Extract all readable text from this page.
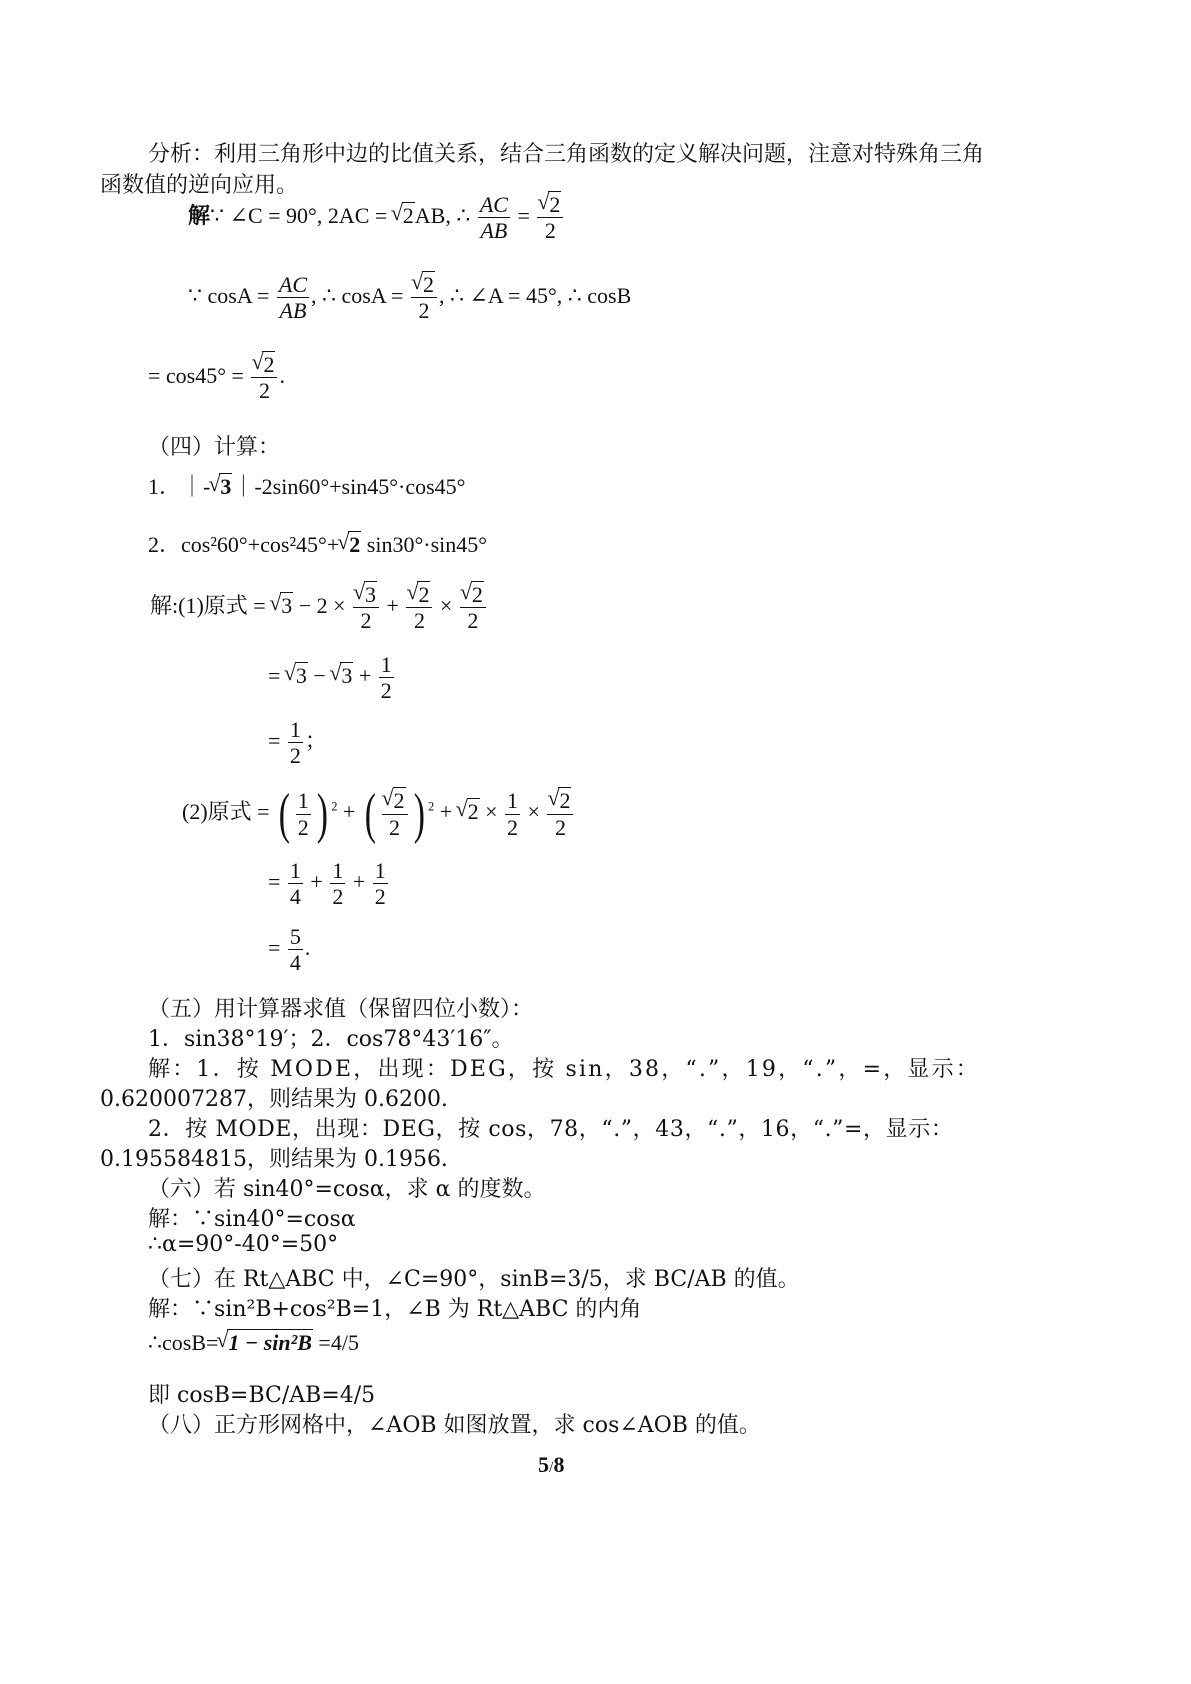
分析：利用三角形中边的比值关系，结合三角函数的定义解决问题，注意对特殊角三角
函数值的逆向应用。
解∵ ∠C = 90°, 2AC =
√ 2AB, ∴ $\frac{AC}{AB} = \frac{√ 2}{2}$
∵ $\cos A = \frac{AC}{AB}$ , ∴ $\cos A = \frac{√ 2}{2}$ , ∴ ∠A = 45°, ∴ cosB
= $\cos 45^\circ = \frac{√ 2}{2}$ .
（四）计算：
1．｜-
√ 3｜-2sin60°+sin45°·cos45°
2．cos²60°+cos²45°+
√ 2 sin30°·sin45°
解:(1)原式 =
√ $3 - 2 \times \frac{√ 3}{2} + \frac{√ 2}{2} \times \frac{√ 2}{2}$
=
√ 3 −
√ $3 + \frac{1}{2}$
= $\frac{1}{2}$ ；
(2)原式 = ( $\frac{1}{2}$ ) $^2$ + ( $\frac{√ 2}{2}$ ) $^2$ +
√ $2 \times \frac{1}{2} \times \frac{√ 2}{2}$
= $\frac{1}{4} + \frac{1}{2} + \frac{1}{2}$
= $\frac{5}{4}$ .
（五）用计算器求值（保留四位小数）：
1．sin38°19′；2．cos78°43′16″。
解：1．按 MODE，出现：DEG，按 sin，38，“.”，19，“.”，=，显示：
0.620007287，则结果为 0.6200.
2．按 MODE，出现：DEG，按 cos，78，“.”，43，“.”，16，“.”=，显示：
0.195584815，则结果为 0.1956.
（六）若 sin40°=cosα，求 α 的度数。
解：∵sin40°=cosα
∴α=90°-40°=50°
（七）在 Rt△ABC 中，∠C=90°，sinB=3/5，求 BC/AB 的值。
解：∵sin²B+cos²B=1，∠B 为 Rt△ABC 的内角
∴cosB=
√ 1 − sin²B =4/5
即 cosB=BC/AB=4/5
（八）正方形网格中，∠AOB 如图放置，求 cos∠AOB 的值。
5/8
